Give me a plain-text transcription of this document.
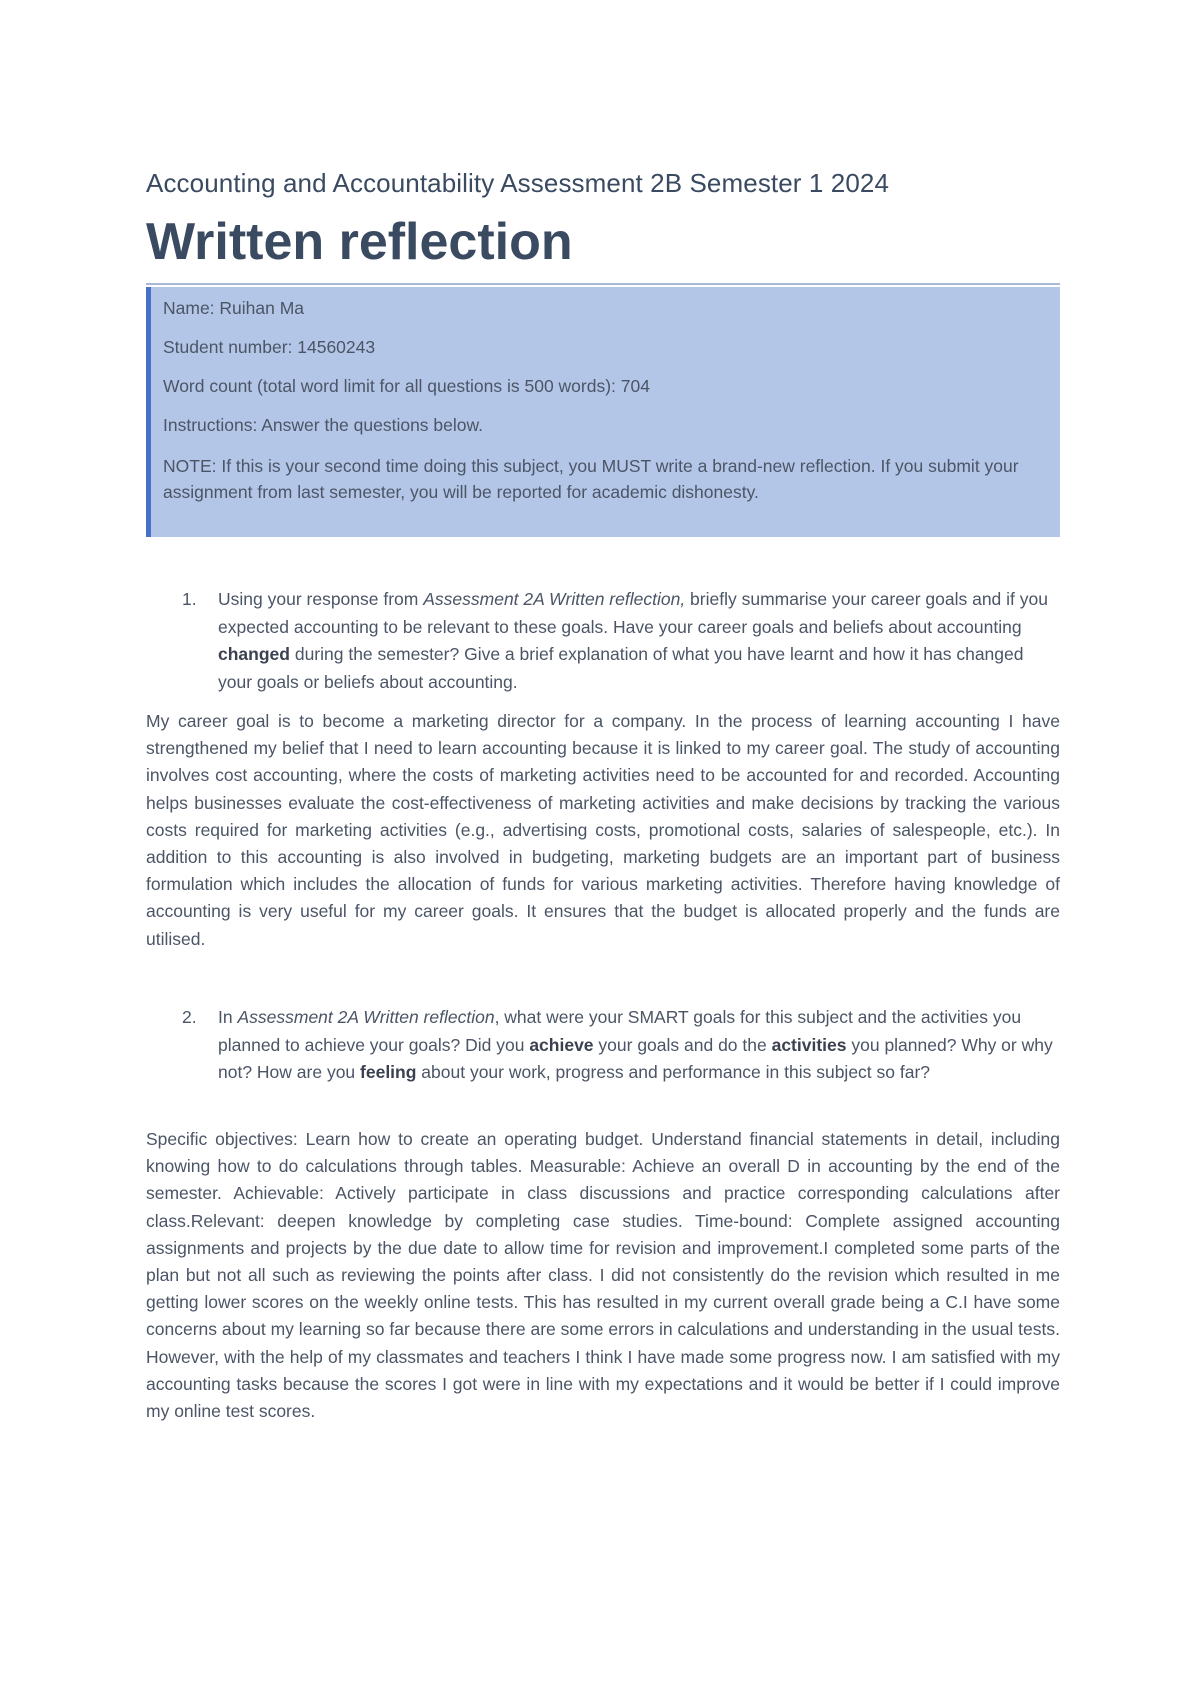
Accounting and Accountability Assessment 2B Semester 1 2024
Written reflection

Name: Ruihan Ma

Student number: 14560243

Word count (total word limit for all questions is 500 words): 704

Instructions: Answer the questions below.

NOTE: If this is your second time doing this subject, you MUST write a brand-new reflection. If you submit your assignment from last semester, you will be reported for academic dishonesty.

1. Using your response from Assessment 2A Written reflection, briefly summarise your career goals and if you expected accounting to be relevant to these goals. Have your career goals and beliefs about accounting changed during the semester? Give a brief explanation of what you have learnt and how it has changed your goals or beliefs about accounting.

My career goal is to become a marketing director for a company. In the process of learning accounting I have strengthened my belief that I need to learn accounting because it is linked to my career goal. The study of accounting involves cost accounting, where the costs of marketing activities need to be accounted for and recorded. Accounting helps businesses evaluate the cost-effectiveness of marketing activities and make decisions by tracking the various costs required for marketing activities (e.g., advertising costs, promotional costs, salaries of salespeople, etc.). In addition to this accounting is also involved in budgeting, marketing budgets are an important part of business formulation which includes the allocation of funds for various marketing activities. Therefore having knowledge of accounting is very useful for my career goals. It ensures that the budget is allocated properly and the funds are utilised.

2. In Assessment 2A Written reflection, what were your SMART goals for this subject and the activities you planned to achieve your goals? Did you achieve your goals and do the activities you planned? Why or why not? How are you feeling about your work, progress and performance in this subject so far?

Specific objectives: Learn how to create an operating budget. Understand financial statements in detail, including knowing how to do calculations through tables. Measurable: Achieve an overall D in accounting by the end of the semester. Achievable: Actively participate in class discussions and practice corresponding calculations after class.Relevant: deepen knowledge by completing case studies. Time-bound: Complete assigned accounting assignments and projects by the due date to allow time for revision and improvement.I completed some parts of the plan but not all such as reviewing the points after class. I did not consistently do the revision which resulted in me getting lower scores on the weekly online tests. This has resulted in my current overall grade being a C.I have some concerns about my learning so far because there are some errors in calculations and understanding in the usual tests. However, with the help of my classmates and teachers I think I have made some progress now. I am satisfied with my accounting tasks because the scores I got were in line with my expectations and it would be better if I could improve my online test scores.
